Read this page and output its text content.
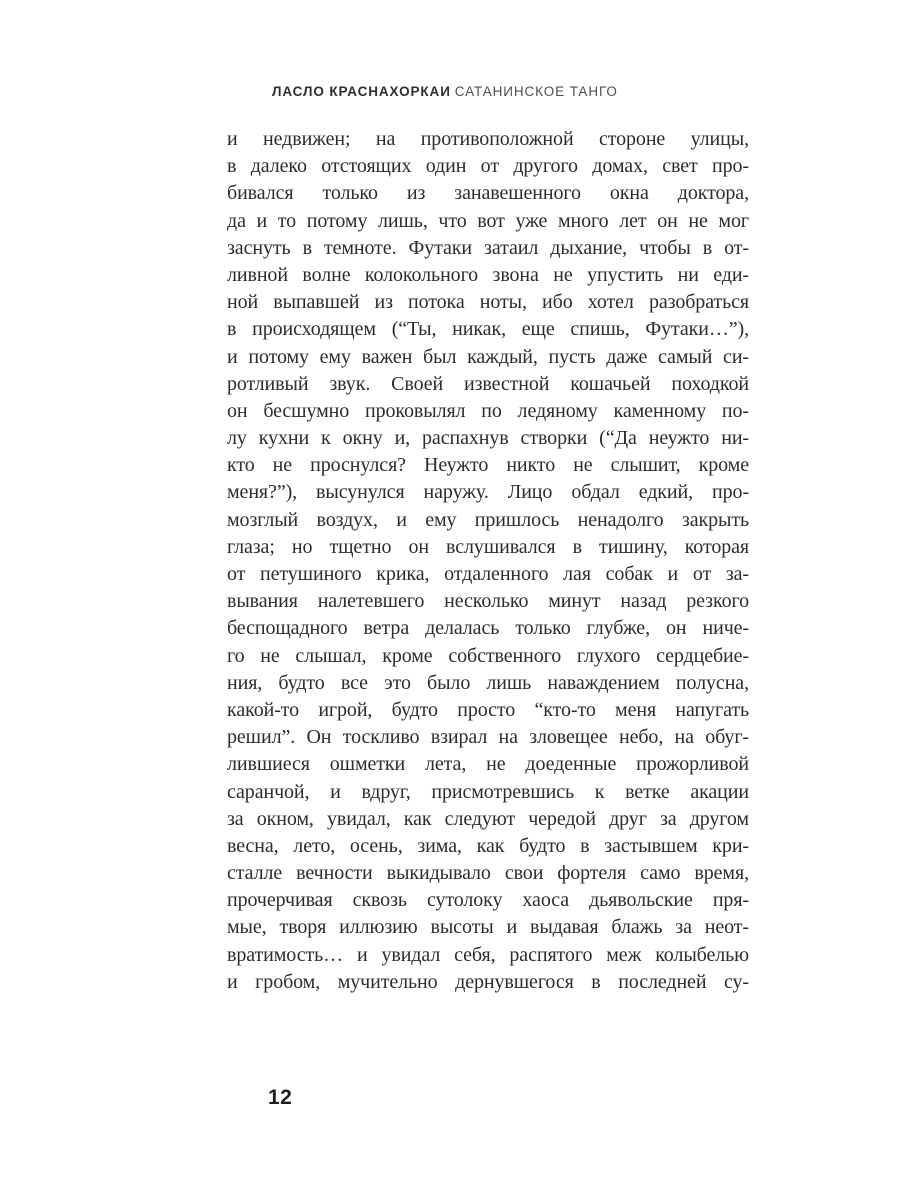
ЛАСЛО КРАСНАХОРКАИ САТАНИНСКОЕ ТАНГО
и недвижен; на противоположной стороне улицы,
в далеко отстоящих один от другого домах, свет про-
бивался только из занавешенного окна доктора,
да и то потому лишь, что вот уже много лет он не мог
заснуть в темноте. Футаки затаил дыхание, чтобы в от-
ливной волне колокольного звона не упустить ни еди-
ной выпавшей из потока ноты, ибо хотел разобраться
в происходящем (“Ты, никак, еще спишь, Футаки…”),
и потому ему важен был каждый, пусть даже самый си-
ротливый звук. Своей известной кошачьей походкой
он бесшумно проковылял по ледяному каменному по-
лу кухни к окну и, распахнув створки (“Да неужто ни-
кто не проснулся? Неужто никто не слышит, кроме
меня?”), высунулся наружу. Лицо обдал едкий, про-
мозглый воздух, и ему пришлось ненадолго закрыть
глаза; но тщетно он вслушивался в тишину, которая
от петушиного крика, отдаленного лая собак и от за-
вывания налетевшего несколько минут назад резкого
беспощадного ветра делалась только глубже, он ниче-
го не слышал, кроме собственного глухого сердцебие-
ния, будто все это было лишь наваждением полусна,
какой-то игрой, будто просто “кто-то меня напугать
решил”. Он тоскливо взирал на зловещее небо, на обуг-
лившиеся ошметки лета, не доеденные прожорливой
саранчой, и вдруг, присмотревшись к ветке акации
за окном, увидал, как следуют чередой друг за другом
весна, лето, осень, зима, как будто в застывшем кри-
сталле вечности выкидывало свои фортеля само время,
прочерчивая сквозь сутолоку хаоса дьявольские пря-
мые, творя иллюзию высоты и выдавая блажь за неот-
вратимость… и увидал себя, распятого меж колыбелью
и гробом, мучительно дернувшегося в последней су-
12
